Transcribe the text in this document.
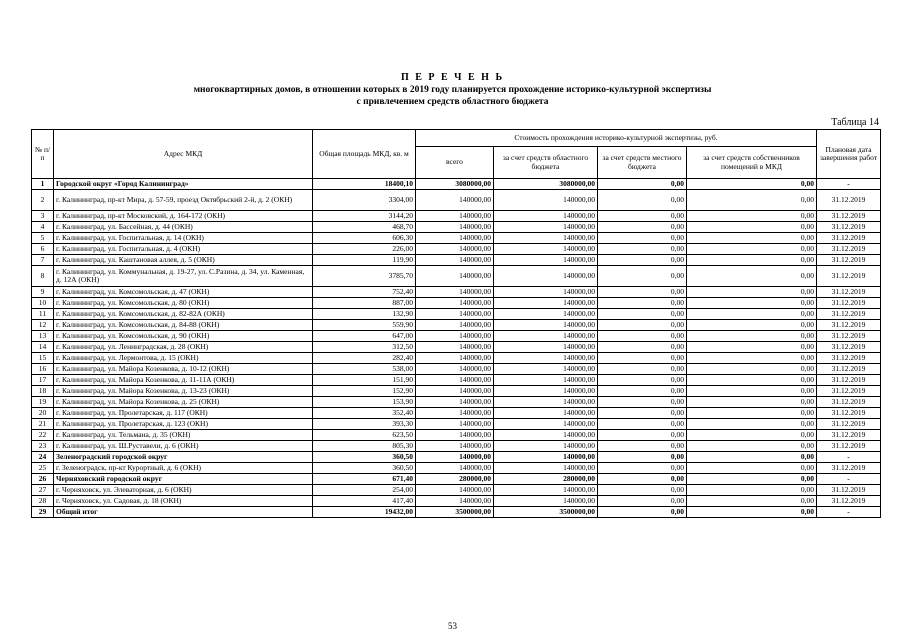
П Е Р Е Ч Е Н Ь
многоквартирных домов, в отношении которых в 2019 году планируется прохождение историко-культурной экспертизы
с привлечением средств областного бюджета
Таблица 14
№ п/п	Адрес МКД	Общая площадь МКД, кв. м	Стоимость прохождения историко-культурной экспертизы, руб.				Плановая дата завершения работ
			всего	за счет средств областного бюджета	за счет средств местного бюджета	за счет средств собственников помещений в МКД	
1	Городской округ «Город Калининград»	18400,10	3080000,00	3080000,00	0,00	0,00	-
2	г. Калининград, пр-кт Мира, д. 57-59, проезд Октябрьский 2-й, д. 2 (ОКН)	3304,00	140000,00	140000,00	0,00	0,00	31.12.2019
3	г. Калининград, пр-кт Московский, д. 164-172 (ОКН)	3144,20	140000,00	140000,00	0,00	0,00	31.12.2019
4	г. Калининград, ул. Бассейная, д. 44 (ОКН)	468,70	140000,00	140000,00	0,00	0,00	31.12.2019
5	г. Калининград, ул. Госпитальная, д. 14 (ОКН)	606,30	140000,00	140000,00	0,00	0,00	31.12.2019
6	г. Калининград, ул. Госпитальная, д. 4 (ОКН)	226,00	140000,00	140000,00	0,00	0,00	31.12.2019
7	г. Калининград, ул. Каштановая аллея, д. 5 (ОКН)	119,90	140000,00	140000,00	0,00	0,00	31.12.2019
8	г. Калининград, ул. Коммунальная, д. 19-27, ул. С.Разина, д. 34, ул. Каменная, д. 12А (ОКН)	3785,70	140000,00	140000,00	0,00	0,00	31.12.2019
9	г. Калининград, ул. Комсомольская, д. 47 (ОКН)	752,40	140000,00	140000,00	0,00	0,00	31.12.2019
10	г. Калининград, ул. Комсомольская, д. 80 (ОКН)	887,00	140000,00	140000,00	0,00	0,00	31.12.2019
11	г. Калининград, ул. Комсомольская, д. 82-82А (ОКН)	132,90	140000,00	140000,00	0,00	0,00	31.12.2019
12	г. Калининград, ул. Комсомольская, д. 84-88 (ОКН)	559,90	140000,00	140000,00	0,00	0,00	31.12.2019
13	г. Калининград, ул. Комсомольская, д. 90 (ОКН)	647,00	140000,00	140000,00	0,00	0,00	31.12.2019
14	г. Калининград, ул. Ленинградская, д. 28 (ОКН)	312,50	140000,00	140000,00	0,00	0,00	31.12.2019
15	г. Калининград, ул. Лермонтова, д. 15 (ОКН)	282,40	140000,00	140000,00	0,00	0,00	31.12.2019
16	г. Калининград, ул. Майора Козенкова, д. 10-12 (ОКН)	538,00	140000,00	140000,00	0,00	0,00	31.12.2019
17	г. Калининград, ул. Майора Козенкова, д. 11-11А (ОКН)	151,90	140000,00	140000,00	0,00	0,00	31.12.2019
18	г. Калининград, ул. Майора Козенкова, д. 13-23 (ОКН)	152,90	140000,00	140000,00	0,00	0,00	31.12.2019
19	г. Калининград, ул. Майора Козенкова, д. 25 (ОКН)	153,90	140000,00	140000,00	0,00	0,00	31.12.2019
20	г. Калининград, ул. Пролетарская, д. 117 (ОКН)	352,40	140000,00	140000,00	0,00	0,00	31.12.2019
21	г. Калининград, ул. Пролетарская, д. 123 (ОКН)	393,30	140000,00	140000,00	0,00	0,00	31.12.2019
22	г. Калининград, ул. Тельмана, д. 35 (ОКН)	623,50	140000,00	140000,00	0,00	0,00	31.12.2019
23	г. Калининград, ул. Ш.Руставели, д. 6 (ОКН)	805,30	140000,00	140000,00	0,00	0,00	31.12.2019
24	Зеленоградский городской округ	360,50	140000,00	140000,00	0,00	0,00	-
25	г. Зеленоградск, пр-кт Курортный, д. 6 (ОКН)	360,50	140000,00	140000,00	0,00	0,00	31.12.2019
26	Черняховский городской округ	671,40	280000,00	280000,00	0,00	0,00	-
27	г. Черняховск, ул. Элеваторная, д. 6 (ОКН)	254,00	140000,00	140000,00	0,00	0,00	31.12.2019
28	г. Черняховск, ул. Садовая, д. 18 (ОКН)	417,40	140000,00	140000,00	0,00	0,00	31.12.2019
29	Общий итог	19432,00	3500000,00	3500000,00	0,00	0,00	-
53
